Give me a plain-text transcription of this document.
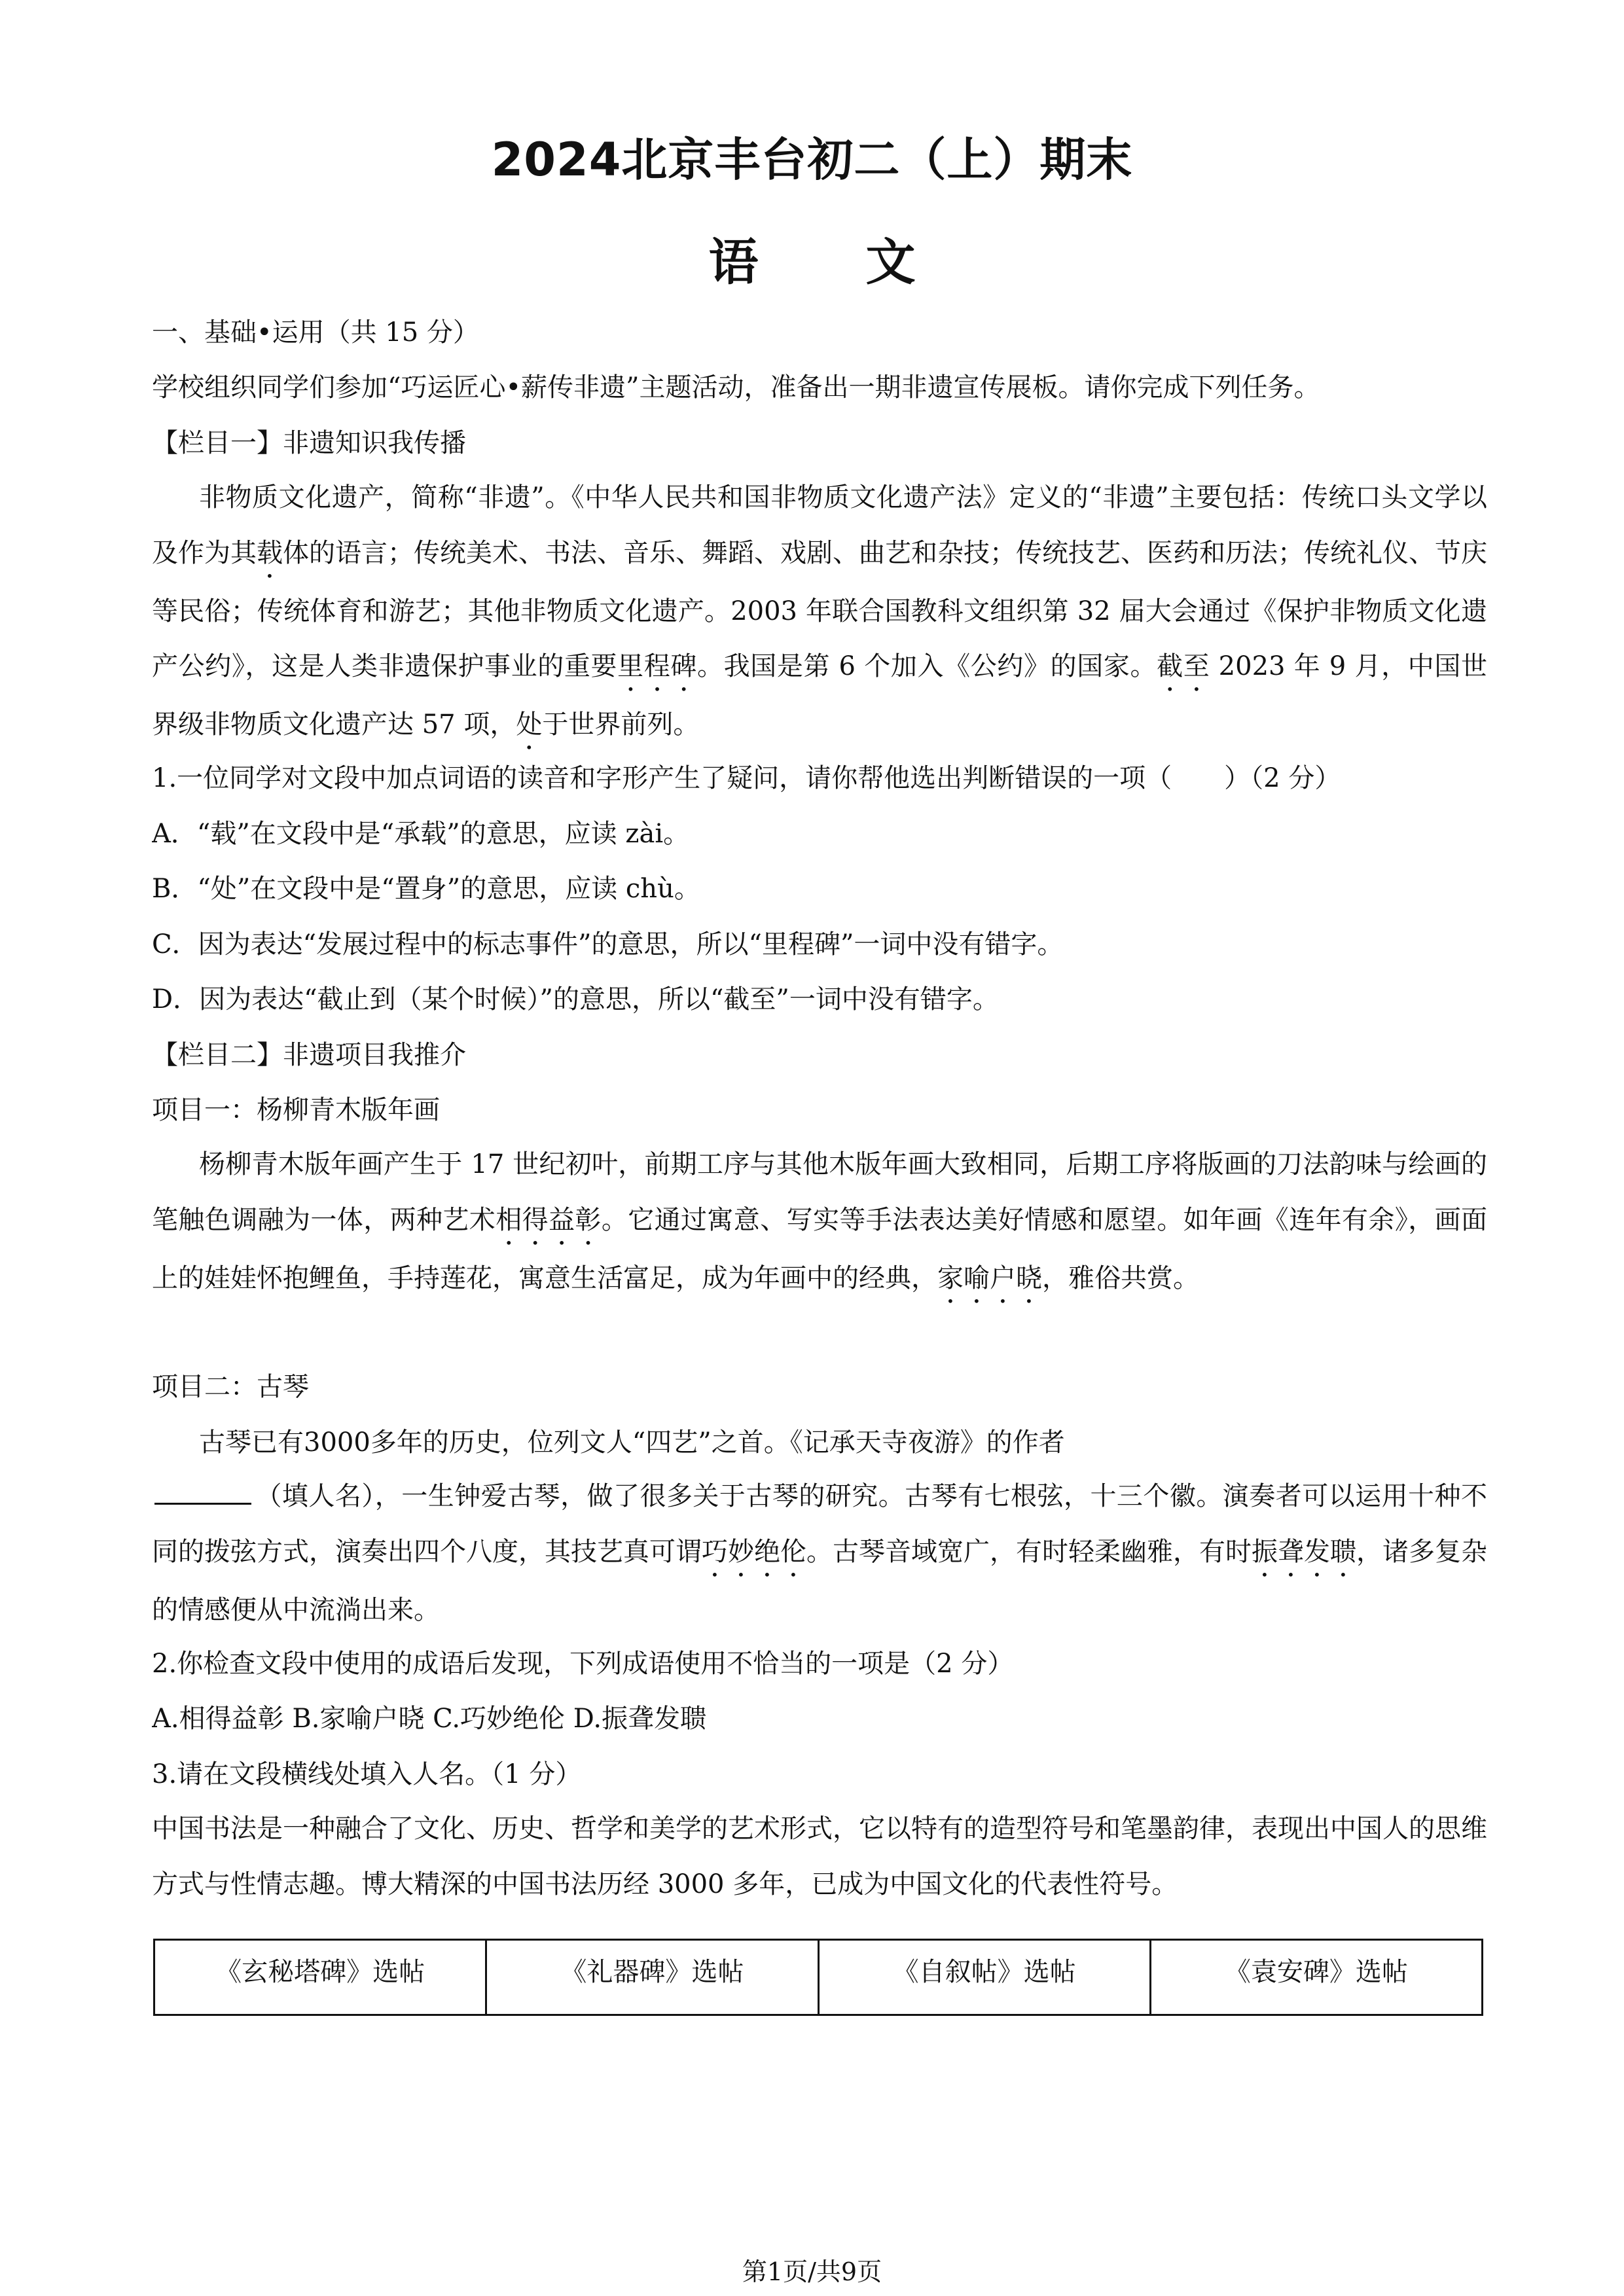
2024北京丰台初二（上）期末
语 文
一、基础•运用（共 15 分）
学校组织同学们参加“巧运匠心•薪传非遗”主题活动，准备出一期非遗宣传展板。请你完成下列任务。
【栏目一】非遗知识我传播
非物质文化遗产，简称“非遗”。《中华人民共和国非物质文化遗产法》定义的“非遗”主要包括：传统口头文学以及作为其载体的语言；传统美术、书法、音乐、舞蹈、戏剧、曲艺和杂技；传统技艺、医药和历法；传统礼仪、节庆等民俗；传统体育和游艺；其他非物质文化遗产。2003 年联合国教科文组织第 32 届大会通过《保护非物质文化遗产公约》，这是人类非遗保护事业的重要里程碑。我国是第 6 个加入《公约》的国家。截至 2023 年 9 月，中国世界级非物质文化遗产达 57 项，处于世界前列。
1.一位同学对文段中加点词语的读音和字形产生了疑问，请你帮他选出判断错误的一项（　　）（2 分）
A．“载”在文段中是“承载”的意思，应读 zài。
B．“处”在文段中是“置身”的意思，应读 chù。
C．因为表达“发展过程中的标志事件”的意思，所以“里程碑”一词中没有错字。
D．因为表达“截止到（某个时候）”的意思，所以“截至”一词中没有错字。
【栏目二】非遗项目我推介
项目一：杨柳青木版年画
杨柳青木版年画产生于 17 世纪初叶，前期工序与其他木版年画大致相同，后期工序将版画的刀法韵味与绘画的笔触色调融为一体，两种艺术相得益彰。它通过寓意、写实等手法表达美好情感和愿望。如年画《连年有余》，画面上的娃娃怀抱鲤鱼，手持莲花，寓意生活富足，成为年画中的经典，家喻户晓，雅俗共赏。
项目二：古琴
古琴已有3000多年的历史，位列文人“四艺”之首。《记承天寺夜游》的作者
（填人名），一生钟爱古琴，做了很多关于古琴的研究。古琴有七根弦，十三个徽。演奏者可以运用十种不同的拨弦方式，演奏出四个八度，其技艺真可谓巧妙绝伦。古琴音域宽广，有时轻柔幽雅，有时振聋发聩，诸多复杂的情感便从中流淌出来。
2.你检查文段中使用的成语后发现，下列成语使用不恰当的一项是（2 分）
A.相得益彰 B.家喻户晓 C.巧妙绝伦 D.振聋发聩
3.请在文段横线处填入人名。（1 分）
中国书法是一种融合了文化、历史、哲学和美学的艺术形式，它以特有的造型符号和笔墨韵律，表现出中国人的思维方式与性情志趣。博大精深的中国书法历经 3000 多年，已成为中国文化的代表性符号。
《玄秘塔碑》选帖	《礼器碑》选帖	《自叙帖》选帖	《袁安碑》选帖
第1页/共9页
